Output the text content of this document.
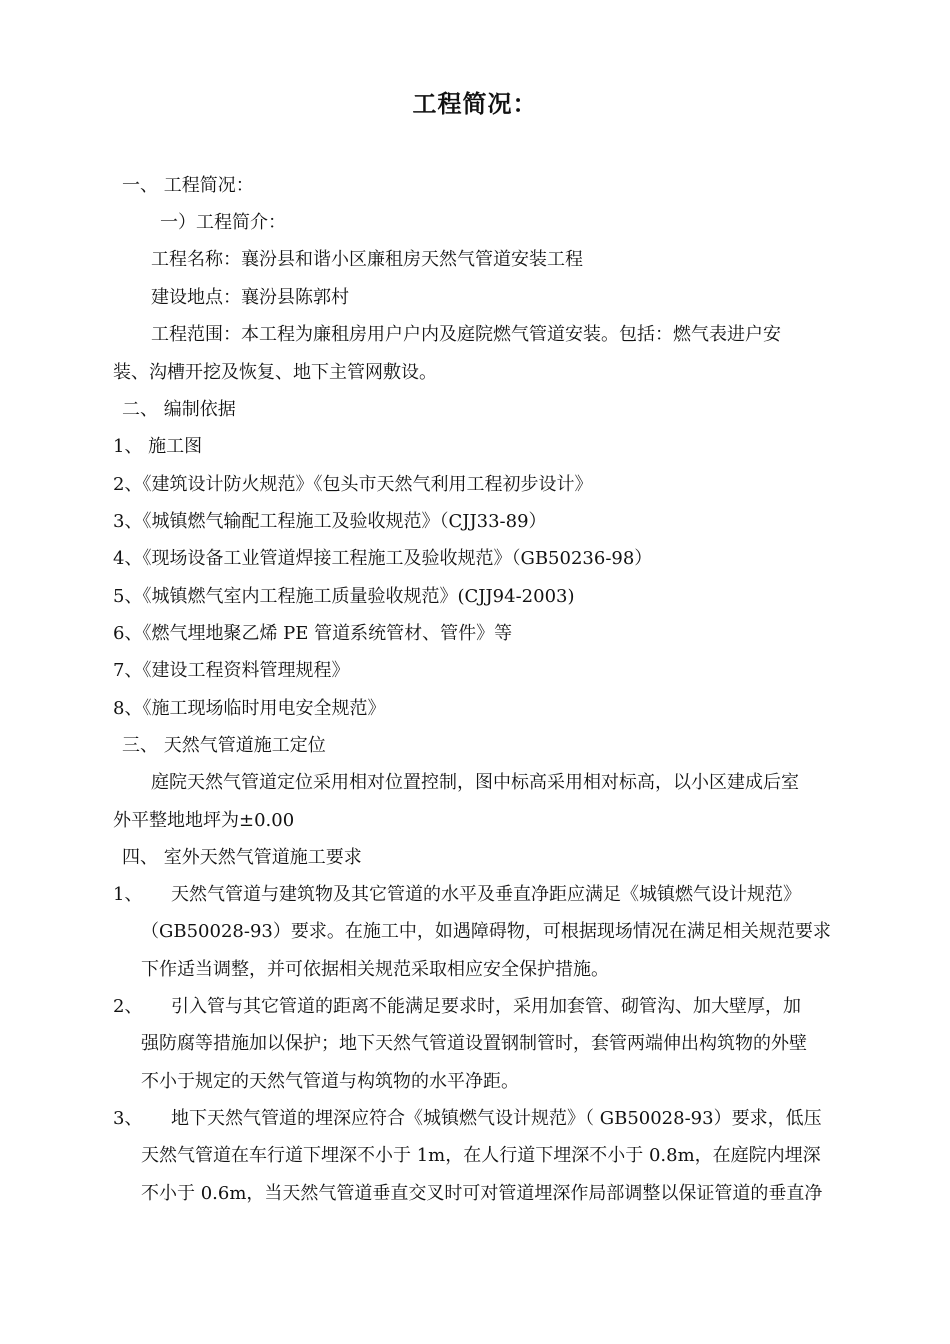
工程简况：
一、 工程简况：
一）工程简介：
工程名称：襄汾县和谐小区廉租房天然气管道安装工程
建设地点：襄汾县陈郭村
工程范围：本工程为廉租房用户户内及庭院燃气管道安装。包括：燃气表进户安
装、沟槽开挖及恢复、地下主管网敷设。
二、 编制依据
1、 施工图
2、《建筑设计防火规范》《包头市天然气利用工程初步设计》
3、《城镇燃气输配工程施工及验收规范》（CJJ33-89）
4、《现场设备工业管道焊接工程施工及验收规范》（GB50236-98）
5、《城镇燃气室内工程施工质量验收规范》(CJJ94-2003)
6、《燃气埋地聚乙烯 PE 管道系统管材、管件》等
7、《建设工程资料管理规程》
8、《施工现场临时用电安全规范》
三、 天然气管道施工定位
庭院天然气管道定位采用相对位置控制，图中标高采用相对标高，以小区建成后室
外平整地地坪为±0.00
四、 室外天然气管道施工要求
1、 天然气管道与建筑物及其它管道的水平及垂直净距应满足《城镇燃气设计规范》
（GB50028-93）要求。在施工中，如遇障碍物，可根据现场情况在满足相关规范要求
下作适当调整，并可依据相关规范采取相应安全保护措施。
2、 引入管与其它管道的距离不能满足要求时，采用加套管、砌管沟、加大壁厚，加
强防腐等措施加以保护；地下天然气管道设置钢制管时，套管两端伸出构筑物的外壁
不小于规定的天然气管道与构筑物的水平净距。
3、 地下天然气管道的埋深应符合《城镇燃气设计规范》（ GB50028-93）要求，低压
天然气管道在车行道下埋深不小于 1m，在人行道下埋深不小于 0.8m，在庭院内埋深
不小于 0.6m，当天然气管道垂直交叉时可对管道埋深作局部调整以保证管道的垂直净
